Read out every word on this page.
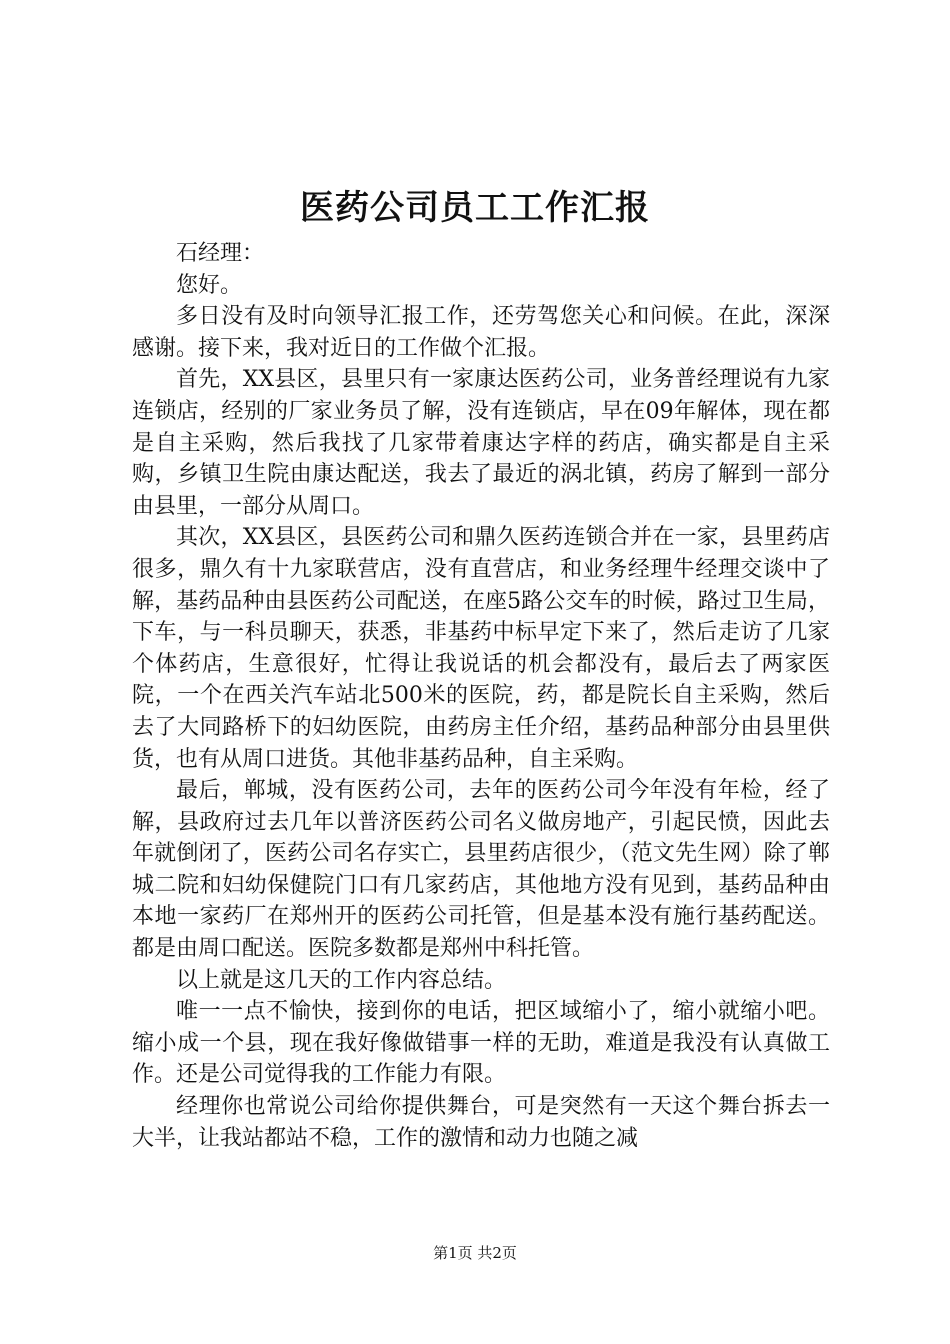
医药公司员工工作汇报

石经理：

您好。

多日没有及时向领导汇报工作，还劳驾您关心和问候。在此，深深感谢。接下来，我对近日的工作做个汇报。

首先，XX县区，县里只有一家康达医药公司，业务普经理说有九家连锁店，经别的厂家业务员了解，没有连锁店，早在09年解体，现在都是自主采购，然后我找了几家带着康达字样的药店，确实都是自主采购，乡镇卫生院由康达配送，我去了最近的涡北镇，药房了解到一部分由县里，一部分从周口。

其次，XX县区，县医药公司和鼎久医药连锁合并在一家，县里药店很多，鼎久有十九家联营店，没有直营店，和业务经理牛经理交谈中了解，基药品种由县医药公司配送，在座5路公交车的时候，路过卫生局，下车，与一科员聊天，获悉，非基药中标早定下来了，然后走访了几家个体药店，生意很好，忙得让我说话的机会都没有，最后去了两家医院，一个在西关汽车站北500米的医院，药，都是院长自主采购，然后去了大同路桥下的妇幼医院，由药房主任介绍，基药品种部分由县里供货，也有从周口进货。其他非基药品种，自主采购。

最后，郸城，没有医药公司，去年的医药公司今年没有年检，经了解，县政府过去几年以普济医药公司名义做房地产，引起民愤，因此去年就倒闭了，医药公司名存实亡，县里药店很少，（范文先生网）除了郸城二院和妇幼保健院门口有几家药店，其他地方没有见到，基药品种由本地一家药厂在郑州开的医药公司托管，但是基本没有施行基药配送。都是由周口配送。医院多数都是郑州中科托管。

以上就是这几天的工作内容总结。

唯一一点不愉快，接到你的电话，把区域缩小了，缩小就缩小吧。缩小成一个县，现在我好像做错事一样的无助，难道是我没有认真做工作。还是公司觉得我的工作能力有限。

经理你也常说公司给你提供舞台，可是突然有一天这个舞台拆去一大半，让我站都站不稳，工作的激情和动力也随之减

第1页 共2页
